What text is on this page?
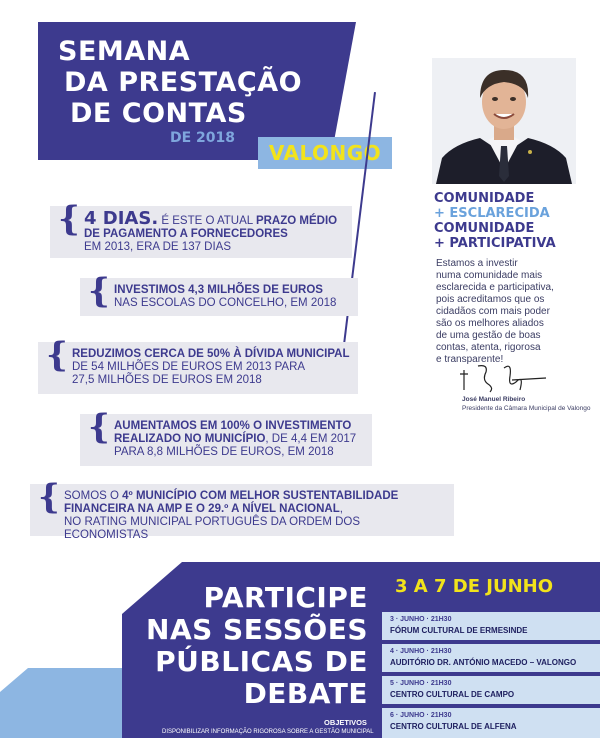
SEMANA
DA PRESTAÇÃO
DE CONTAS
DE 2018
VALONGO
COMUNIDADE
+ ESCLARECIDA
COMUNIDADE
+ PARTICIPATIVA
Estamos a investir
numa comunidade mais
esclarecida e participativa,
pois acreditamos que os
cidadãos com mais poder
são os melhores aliados
de uma gestão de boas
contas, atenta, rigorosa
e transparente!
José Manuel Ribeiro
Presidente da Câmara Municipal de Valongo
{ 4 DIAS. É ESTE O ATUAL PRAZO MÉDIO
DE PAGAMENTO A FORNECEDORES
EM 2013, ERA DE 137 DIAS
{ INVESTIMOS 4,3 MILHÕES DE EUROS
NAS ESCOLAS DO CONCELHO, EM 2018
{ REDUZIMOS CERCA DE 50% À DÍVIDA MUNICIPAL
DE 54 MILHÕES DE EUROS EM 2013 PARA
27,5 MILHÕES DE EUROS EM 2018
{ AUMENTAMOS EM 100% O INVESTIMENTO
REALIZADO NO MUNICÍPIO, DE 4,4 EM 2017
PARA 8,8 MILHÕES DE EUROS, EM 2018
{ SOMOS O 4º MUNICÍPIO COM MELHOR SUSTENTABILIDADE
FINANCEIRA NA AMP E O 29.º A NÍVEL NACIONAL,
NO RATING MUNICIPAL PORTUGUÊS DA ORDEM DOS ECONOMISTAS
PARTICIPE
NAS SESSÕES
PÚBLICAS DE
DEBATE
3 A 7 DE JUNHO
3 · JUNHO · 21H30
FÓRUM CULTURAL DE ERMESINDE
4 · JUNHO · 21H30
AUDITÓRIO DR. ANTÓNIO MACEDO – VALONGO
5 · JUNHO · 21H30
CENTRO CULTURAL DE CAMPO
6 · JUNHO · 21H30
CENTRO CULTURAL DE ALFENA
OBJETIVOS
DISPONIBILIZAR INFORMAÇÃO RIGOROSA SOBRE A GESTÃO MUNICIPAL
